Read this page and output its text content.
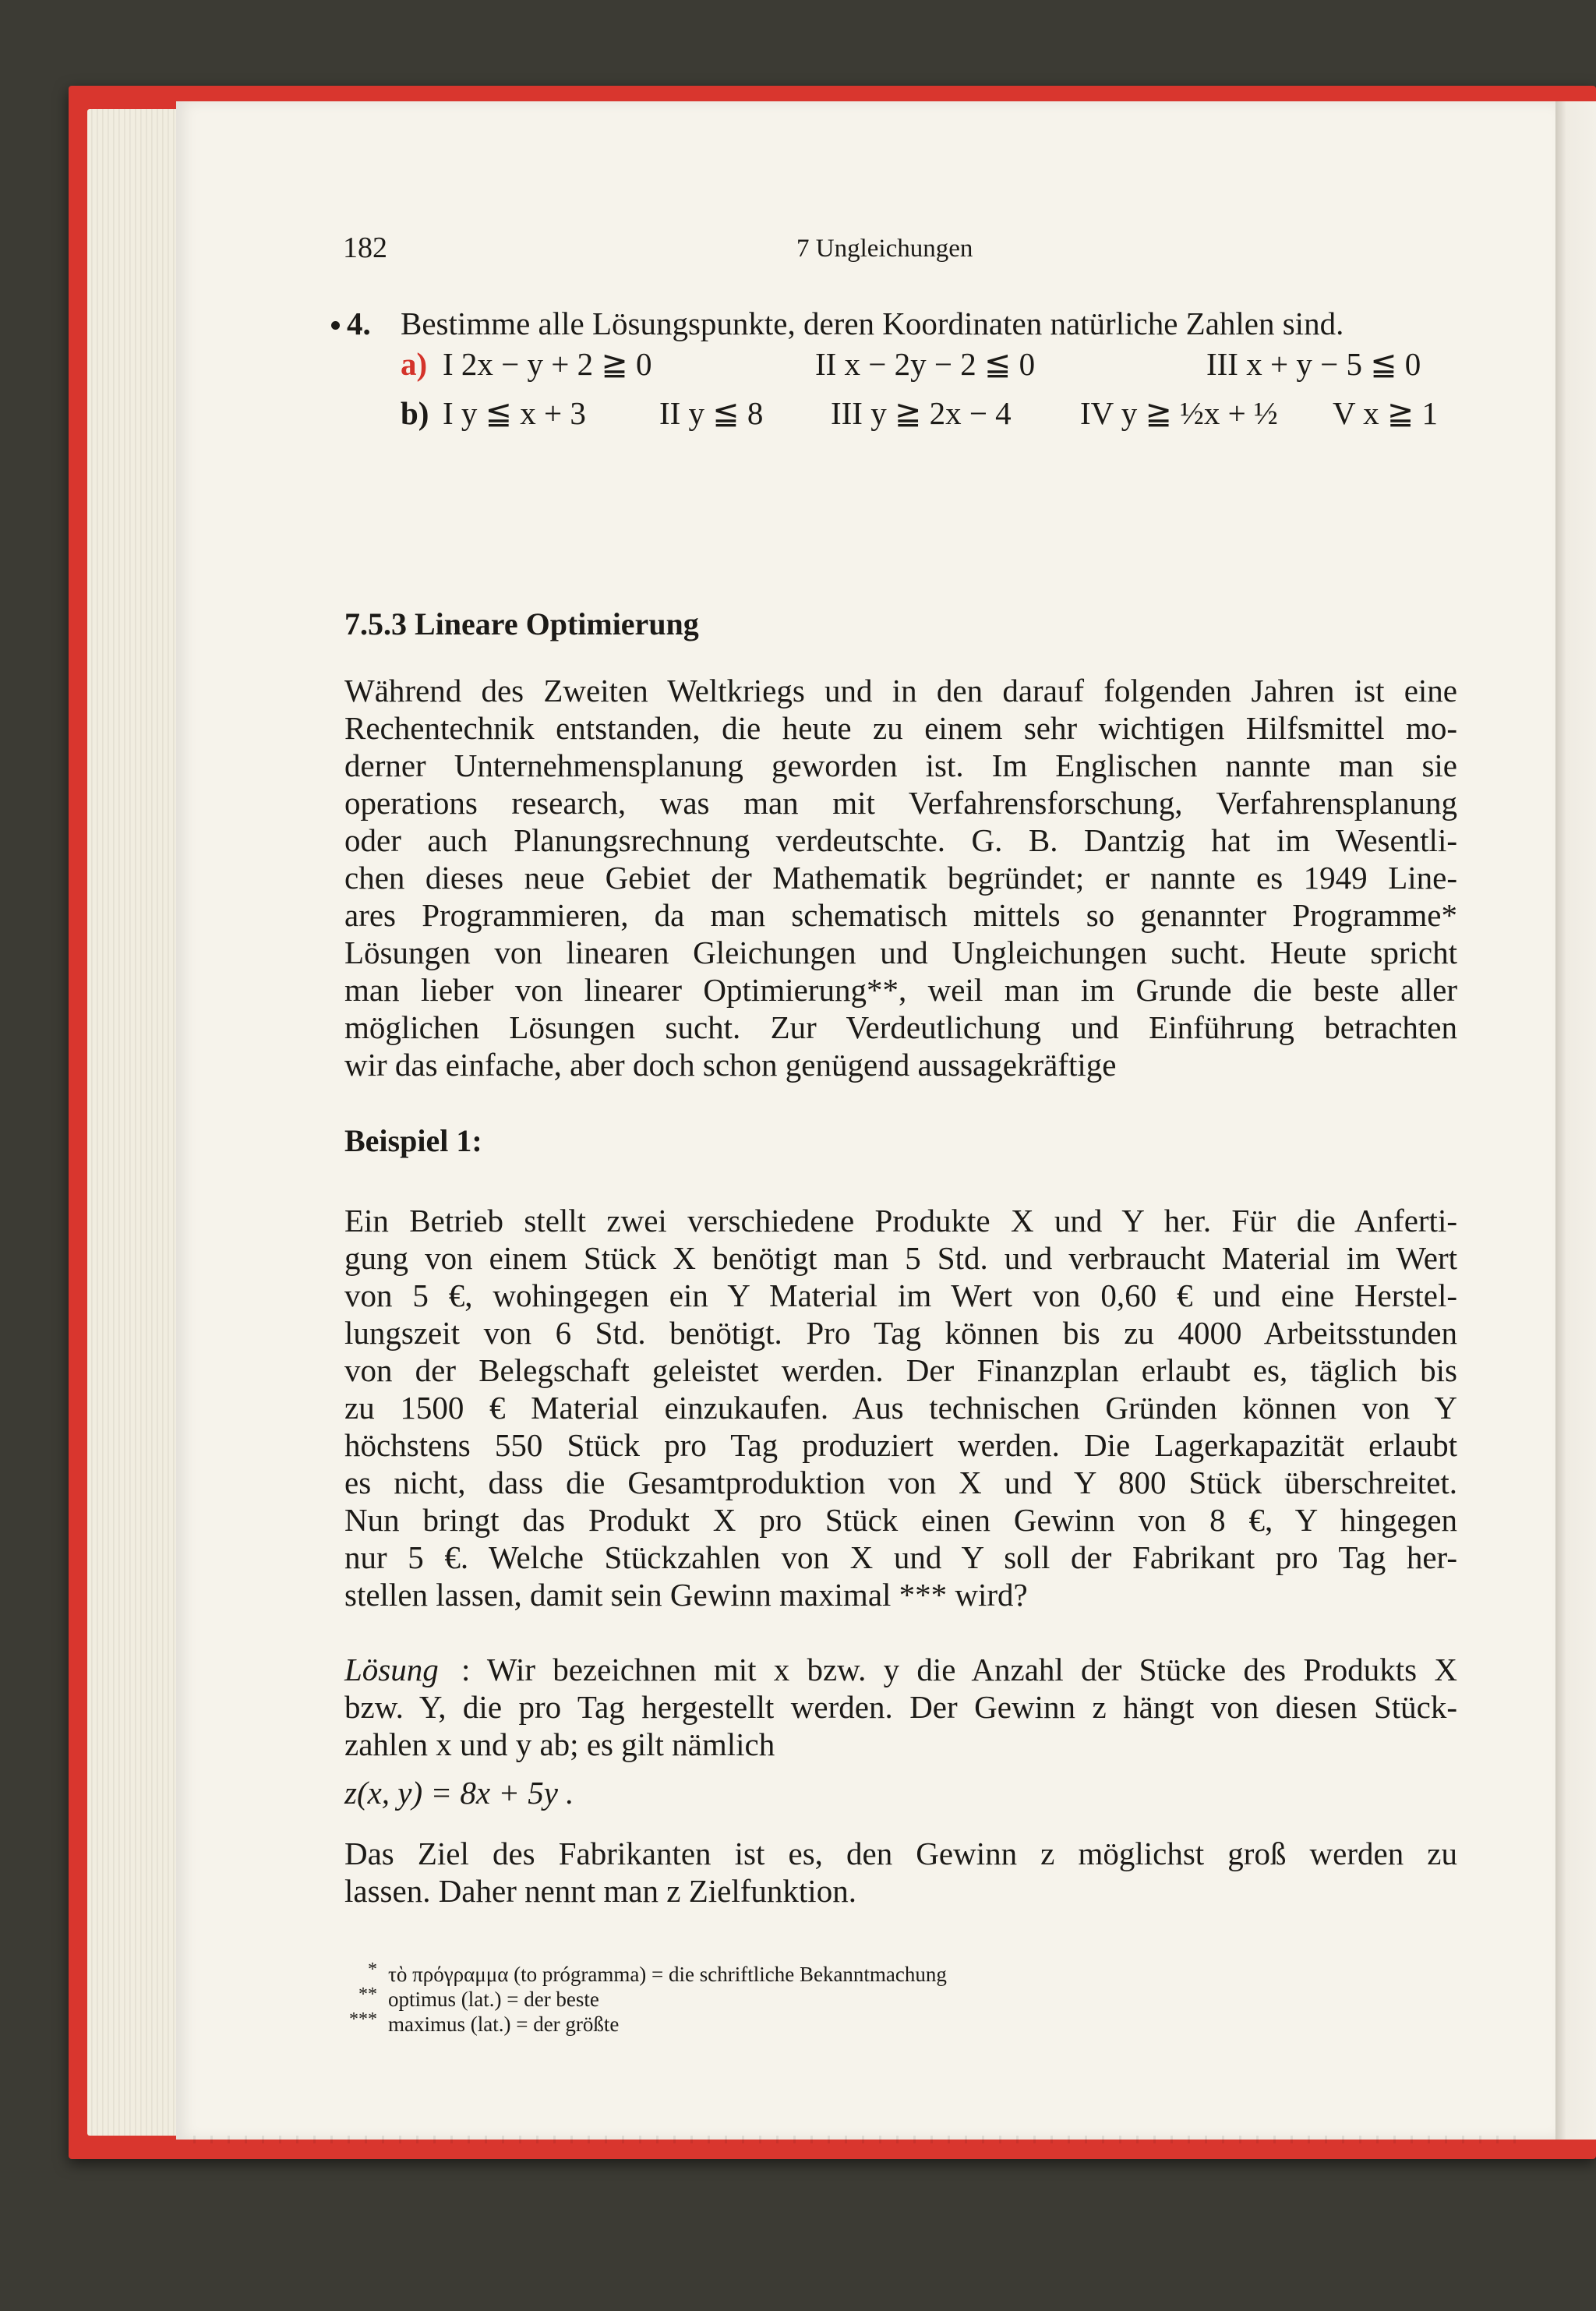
182	7 Ungleichungen
4. Bestimme alle Lösungspunkte, deren Koordinaten natürliche Zahlen sind.
a) I 2x − y + 2 ≧ 0	II x − 2y − 2 ≦ 0	III x + y − 5 ≦ 0
b) I y ≦ x + 3 II y ≦ 8 III y ≧ 2x − 4 IV y ≧ ½x + ½ V x ≧ 1
7.5.3 Lineare Optimierung
Während des Zweiten Weltkriegs und in den darauf folgenden Jahren ist eine
Rechentechnik entstanden, die heute zu einem sehr wichtigen Hilfsmittel mo-
derner Unternehmensplanung geworden ist. Im Englischen nannte man sie
operations research, was man mit Verfahrensforschung, Verfahrensplanung
oder auch Planungsrechnung verdeutschte. G. B. Dantzig hat im Wesentli-
chen dieses neue Gebiet der Mathematik begründet; er nannte es 1949 Line-
ares Programmieren, da man schematisch mittels so genannter Programme*
Lösungen von linearen Gleichungen und Ungleichungen sucht. Heute spricht
man lieber von linearer Optimierung**, weil man im Grunde die beste aller
möglichen Lösungen sucht. Zur Verdeutlichung und Einführung betrachten
wir das einfache, aber doch schon genügend aussagekräftige
Beispiel 1:
Ein Betrieb stellt zwei verschiedene Produkte X und Y her. Für die Anferti-
gung von einem Stück X benötigt man 5 Std. und verbraucht Material im Wert
von 5 €, wohingegen ein Y Material im Wert von 0,60 € und eine Herstel-
lungszeit von 6 Std. benötigt. Pro Tag können bis zu 4000 Arbeitsstunden
von der Belegschaft geleistet werden. Der Finanzplan erlaubt es, täglich bis
zu 1500 € Material einzukaufen. Aus technischen Gründen können von Y
höchstens 550 Stück pro Tag produziert werden. Die Lagerkapazität erlaubt
es nicht, dass die Gesamtproduktion von X und Y 800 Stück überschreitet.
Nun bringt das Produkt X pro Stück einen Gewinn von 8 €, Y hingegen
nur 5 €. Welche Stückzahlen von X und Y soll der Fabrikant pro Tag her-
stellen lassen, damit sein Gewinn maximal *** wird?
Lösung : Wir bezeichnen mit x bzw. y die Anzahl der Stücke des Produkts X
bzw. Y, die pro Tag hergestellt werden. Der Gewinn z hängt von diesen Stück-
zahlen x und y ab; es gilt nämlich
z(x, y) = 8x + 5y .
Das Ziel des Fabrikanten ist es, den Gewinn z möglichst groß werden zu
lassen. Daher nennt man z Zielfunktion.
* τὸ πρόγραμμα (to prógramma) = die schriftliche Bekanntmachung
** optimus (lat.) = der beste
*** maximus (lat.) = der größte
